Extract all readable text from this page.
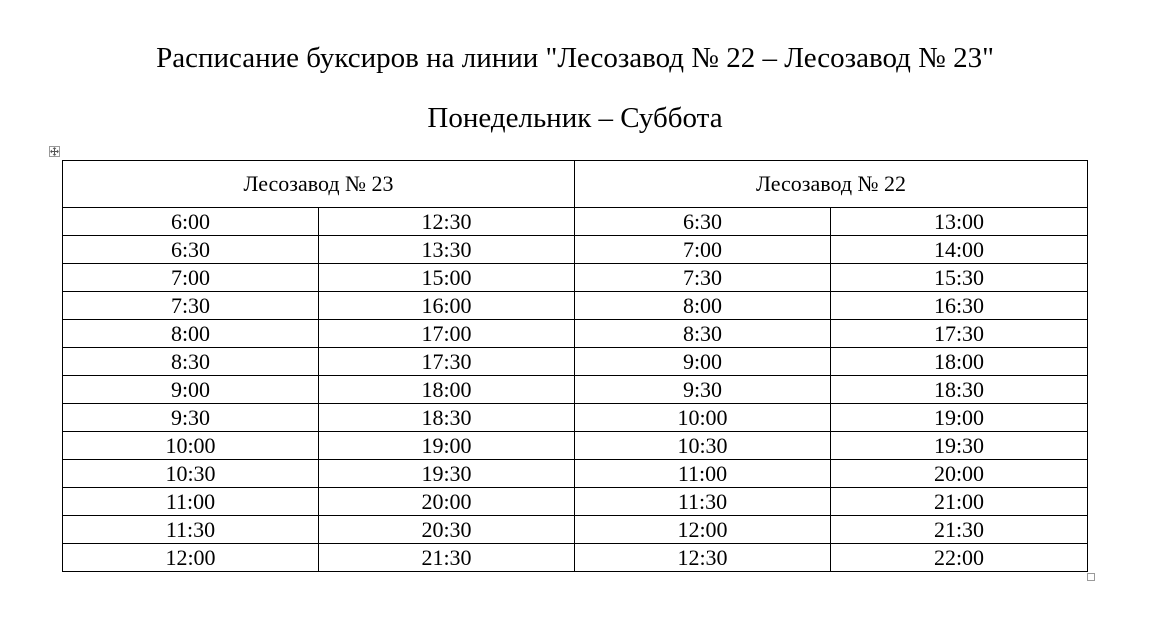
Расписание буксиров на линии "Лесозавод № 22 – Лесозавод № 23"
Понедельник – Суббота
Лесозавод № 23		Лесозавод № 22	
6:00	12:30	6:30	13:00
6:30	13:30	7:00	14:00
7:00	15:00	7:30	15:30
7:30	16:00	8:00	16:30
8:00	17:00	8:30	17:30
8:30	17:30	9:00	18:00
9:00	18:00	9:30	18:30
9:30	18:30	10:00	19:00
10:00	19:00	10:30	19:30
10:30	19:30	11:00	20:00
11:00	20:00	11:30	21:00
11:30	20:30	12:00	21:30
12:00	21:30	12:30	22:00
